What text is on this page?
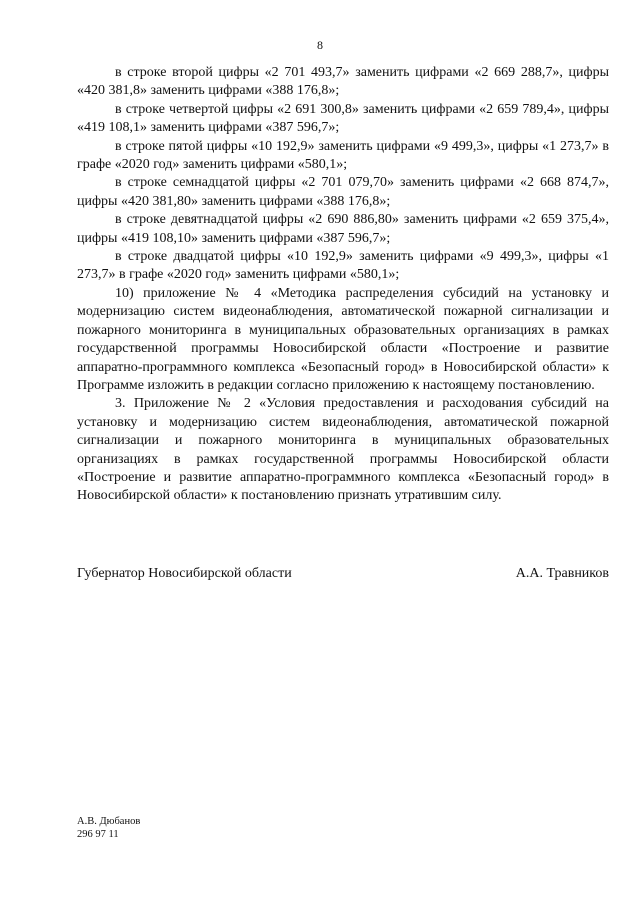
8

в строке второй цифры «2 701 493,7» заменить цифрами «2 669 288,7», цифры «420 381,8» заменить цифрами «388 176,8»;

в строке четвертой цифры «2 691 300,8» заменить цифрами «2 659 789,4», цифры «419 108,1» заменить цифрами «387 596,7»;

в строке пятой цифры «10 192,9» заменить цифрами «9 499,3», цифры «1 273,7» в графе «2020 год» заменить цифрами «580,1»;

в строке семнадцатой цифры «2 701 079,70» заменить цифрами «2 668 874,7», цифры «420 381,80» заменить цифрами «388 176,8»;

в строке девятнадцатой цифры «2 690 886,80» заменить цифрами «2 659 375,4», цифры «419 108,10» заменить цифрами «387 596,7»;

в строке двадцатой цифры «10 192,9» заменить цифрами «9 499,3», цифры «1 273,7» в графе «2020 год» заменить цифрами «580,1»;

10) приложение № 4 «Методика распределения субсидий на установку и модернизацию систем видеонаблюдения, автоматической пожарной сигнализации и пожарного мониторинга в муниципальных образовательных организациях в рамках государственной программы Новосибирской области «Построение и развитие аппаратно-программного комплекса «Безопасный город» в Новосибирской области» к Программе изложить в редакции согласно приложению к настоящему постановлению.

3. Приложение № 2 «Условия предоставления и расходования субсидий на установку и модернизацию систем видеонаблюдения, автоматической пожарной сигнализации и пожарного мониторинга в муниципальных образовательных организациях в рамках государственной программы Новосибирской области «Построение и развитие аппаратно-программного комплекса «Безопасный город» в Новосибирской области» к постановлению признать утратившим силу.

Губернатор Новосибирской области	А.А. Травников
А.В. Дюбанов
296 97 11
